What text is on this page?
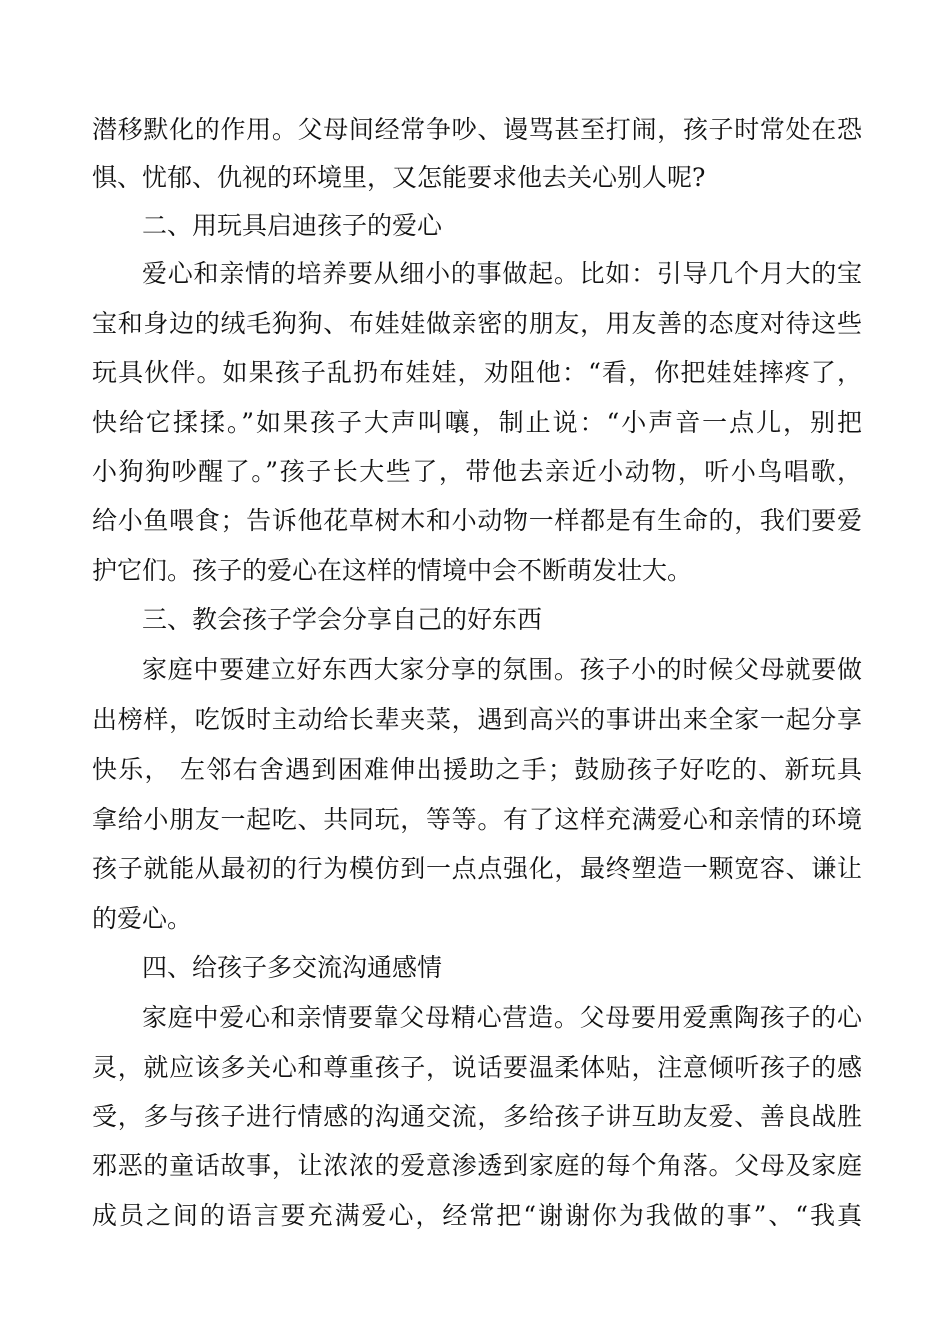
潜移默化的作用。父母间经常争吵、谩骂甚至打闹，孩子时常处在恐
惧、忧郁、仇视的环境里，又怎能要求他去关心别人呢?
二、用玩具启迪孩子的爱心
爱心和亲情的培养要从细小的事做起。比如：引导几个月大的宝
宝和身边的绒毛狗狗、布娃娃做亲密的朋友，用友善的态度对待这些
玩具伙伴。如果孩子乱扔布娃娃，劝阻他：“看，你把娃娃摔疼了，
快给它揉揉。”如果孩子大声叫嚷，制止说：“小声音一点儿，别把
小狗狗吵醒了。”孩子长大些了，带他去亲近小动物，听小鸟唱歌，
给小鱼喂食；告诉他花草树木和小动物一样都是有生命的，我们要爱
护它们。孩子的爱心在这样的情境中会不断萌发壮大。
三、教会孩子学会分享自己的好东西
家庭中要建立好东西大家分享的氛围。孩子小的时候父母就要做
出榜样，吃饭时主动给长辈夹菜，遇到高兴的事讲出来全家一起分享
快乐， 左邻右舍遇到困难伸出援助之手；鼓励孩子好吃的、新玩具
拿给小朋友一起吃、共同玩，等等。有了这样充满爱心和亲情的环境
孩子就能从最初的行为模仿到一点点强化，最终塑造一颗宽容、谦让
的爱心。
四、给孩子多交流沟通感情
家庭中爱心和亲情要靠父母精心营造。父母要用爱熏陶孩子的心
灵，就应该多关心和尊重孩子，说话要温柔体贴，注意倾听孩子的感
受，多与孩子进行情感的沟通交流，多给孩子讲互助友爱、善良战胜
邪恶的童话故事，让浓浓的爱意渗透到家庭的每个角落。父母及家庭
成员之间的语言要充满爱心，经常把“谢谢你为我做的事”、“我真
